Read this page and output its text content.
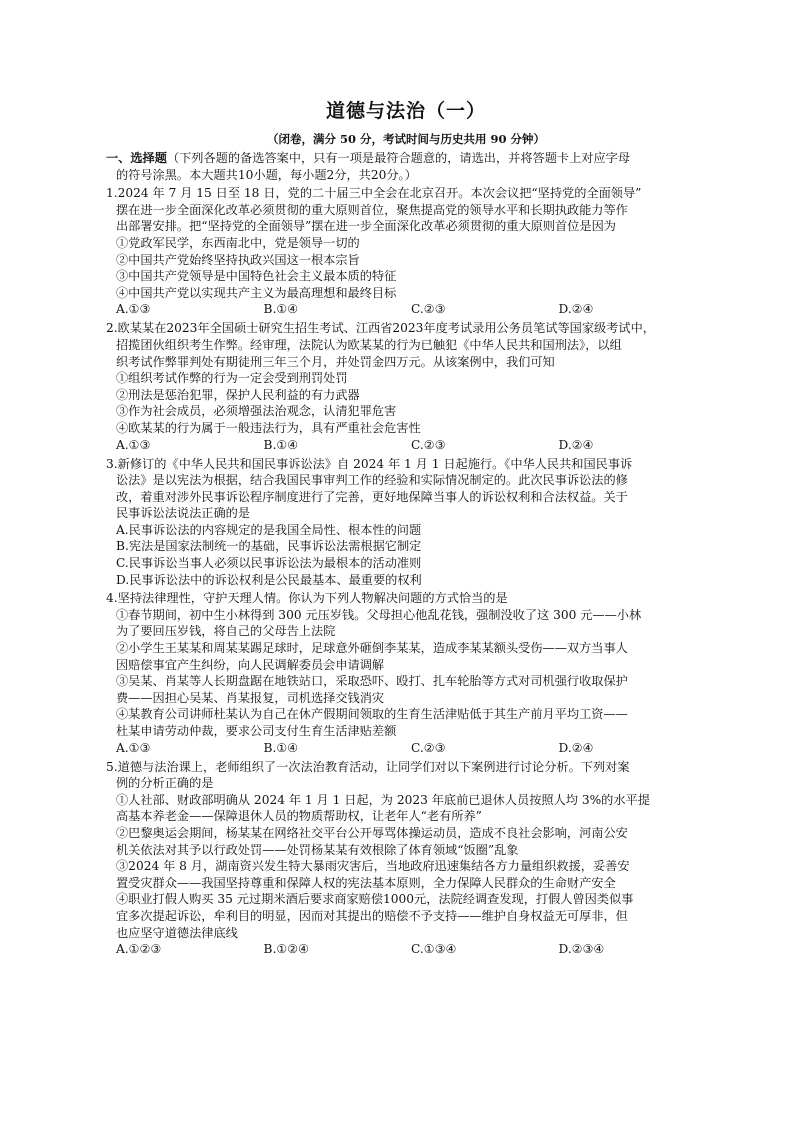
道德与法治（一）
（闭卷，满分 50 分，考试时间与历史共用 90 分钟）
一、选择题（下列各题的备选答案中，只有一项是最符合题意的，请选出，并将答题卡上对应字母
的符号涂黑。本大题共10小题，每小题2分，共20分。）
1.2024 年 7 月 15 日至 18 日，党的二十届三中全会在北京召开。本次会议把“坚持党的全面领导”
摆在进一步全面深化改革必须贯彻的重大原则首位，聚焦提高党的领导水平和长期执政能力等作
出部署安排。把“坚持党的全面领导”摆在进一步全面深化改革必须贯彻的重大原则首位是因为
①党政军民学，东西南北中，党是领导一切的
②中国共产党始终坚持执政兴国这一根本宗旨
③中国共产党领导是中国特色社会主义最本质的特征
④中国共产党以实现共产主义为最高理想和最终目标
A.①③	B.①④	C.②③	D.②④
2.欧某某在2023年全国硕士研究生招生考试、江西省2023年度考试录用公务员笔试等国家级考试中，
招揽团伙组织考生作弊。经审理，法院认为欧某某的行为已触犯《中华人民共和国刑法》，以组
织考试作弊罪判处有期徒刑三年三个月，并处罚金四万元。从该案例中，我们可知
①组织考试作弊的行为一定会受到刑罚处罚
②刑法是惩治犯罪，保护人民利益的有力武器
③作为社会成员，必须增强法治观念，认清犯罪危害
④欧某某的行为属于一般违法行为，具有严重社会危害性
A.①③	B.①④	C.②③	D.②④
3.新修订的《中华人民共和国民事诉讼法》自 2024 年 1 月 1 日起施行。《中华人民共和国民事诉
讼法》是以宪法为根据，结合我国民事审判工作的经验和实际情况制定的。此次民事诉讼法的修
改，着重对涉外民事诉讼程序制度进行了完善，更好地保障当事人的诉讼权利和合法权益。关于
民事诉讼法说法正确的是
A.民事诉讼法的内容规定的是我国全局性、根本性的问题
B.宪法是国家法制统一的基础，民事诉讼法需根据它制定
C.民事诉讼当事人必须以民事诉讼法为最根本的活动准则
D.民事诉讼法中的诉讼权利是公民最基本、最重要的权利
4.坚持法律理性，守护天理人情。你认为下列人物解决问题的方式恰当的是
①春节期间，初中生小林得到 300 元压岁钱。父母担心他乱花钱，强制没收了这 300 元——小林
为了要回压岁钱，将自己的父母告上法院
②小学生王某某和周某某踢足球时，足球意外砸倒李某某，造成李某某额头受伤——双方当事人
因赔偿事宜产生纠纷，向人民调解委员会申请调解
③吴某、肖某等人长期盘踞在地铁站口，采取恐吓、殴打、扎车轮胎等方式对司机强行收取保护
费——因担心吴某、肖某报复，司机选择交钱消灾
④某教育公司讲师杜某认为自己在休产假期间领取的生育生活津贴低于其生产前月平均工资——
杜某申请劳动仲裁，要求公司支付生育生活津贴差额
A.①③	B.①④	C.②③	D.②④
5.道德与法治课上，老师组织了一次法治教育活动，让同学们对以下案例进行讨论分析。下列对案
例的分析正确的是
①人社部、财政部明确从 2024 年 1 月 1 日起，为 2023 年底前已退休人员按照人均 3%的水平提
高基本养老金——保障退休人员的物质帮助权，让老年人“老有所养”
②巴黎奥运会期间，杨某某在网络社交平台公开辱骂体操运动员，造成不良社会影响，河南公安
机关依法对其予以行政处罚——处罚杨某某有效根除了体育领域“饭圈”乱象
③2024 年 8 月，湖南资兴发生特大暴雨灾害后，当地政府迅速集结各方力量组织救援，妥善安
置受灾群众——我国坚持尊重和保障人权的宪法基本原则，全力保障人民群众的生命财产安全
④职业打假人购买 35 元过期米酒后要求商家赔偿1000元，法院经调查发现，打假人曾因类似事
宜多次提起诉讼，牟利目的明显，因而对其提出的赔偿不予支持——维护自身权益无可厚非，但
也应坚守道德法律底线
A.①②③	B.①②④	C.①③④	D.②③④
